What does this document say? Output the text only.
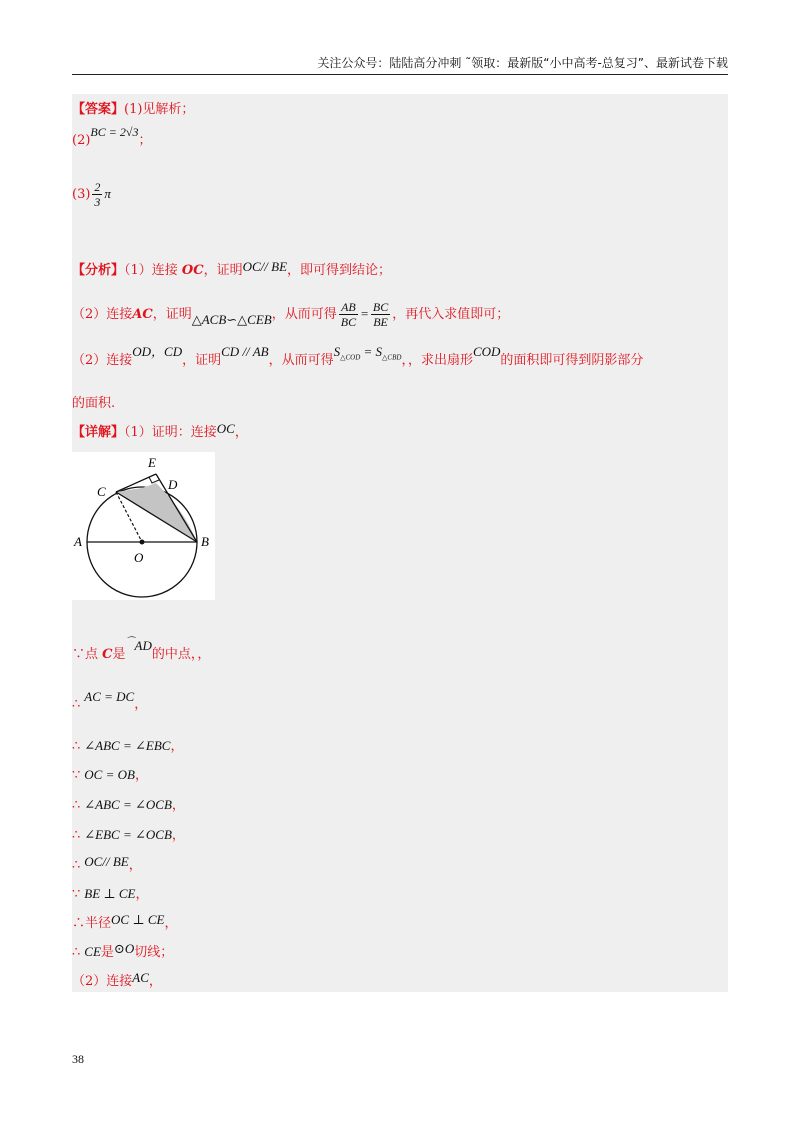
关注公众号：陆陆高分冲刺 ˜领取：最新版“小中高考-总复习”、最新试卷下载
【答案】(1)见解析；
(2)BC = 2√3；
$(3) \frac{2}{3}$ π
【分析】（1）连接 OC，证明OC// BE，即可得到结论；
（2）连接AC，证明△ACB∽△CEB，从而可得 $\frac{AB}{BC} = \frac{BC}{BE}$ ，再代入求值即可；
（2）连接OD，CD，证明CD // AB，从而可得$S_{\triangle COD} = S_{\triangle CBD}$，，求出扇形COD的面积即可得到阴影部分
的面积.
【详解】（1）证明：连接OC，
E
D
C
A
O
B
∵点 C是⌒AD的中点，，
∴AC = DC，
∴ ∠ABC = ∠EBC，
∵ OC = OB，
∴ ∠ABC = ∠OCB，
∴ ∠EBC = ∠OCB，
∴ OC// BE，
∵ BE ⊥ CE，
∴半径OC ⊥ CE，
∴ CE是⊙O切线；
（2）连接AC，
38
